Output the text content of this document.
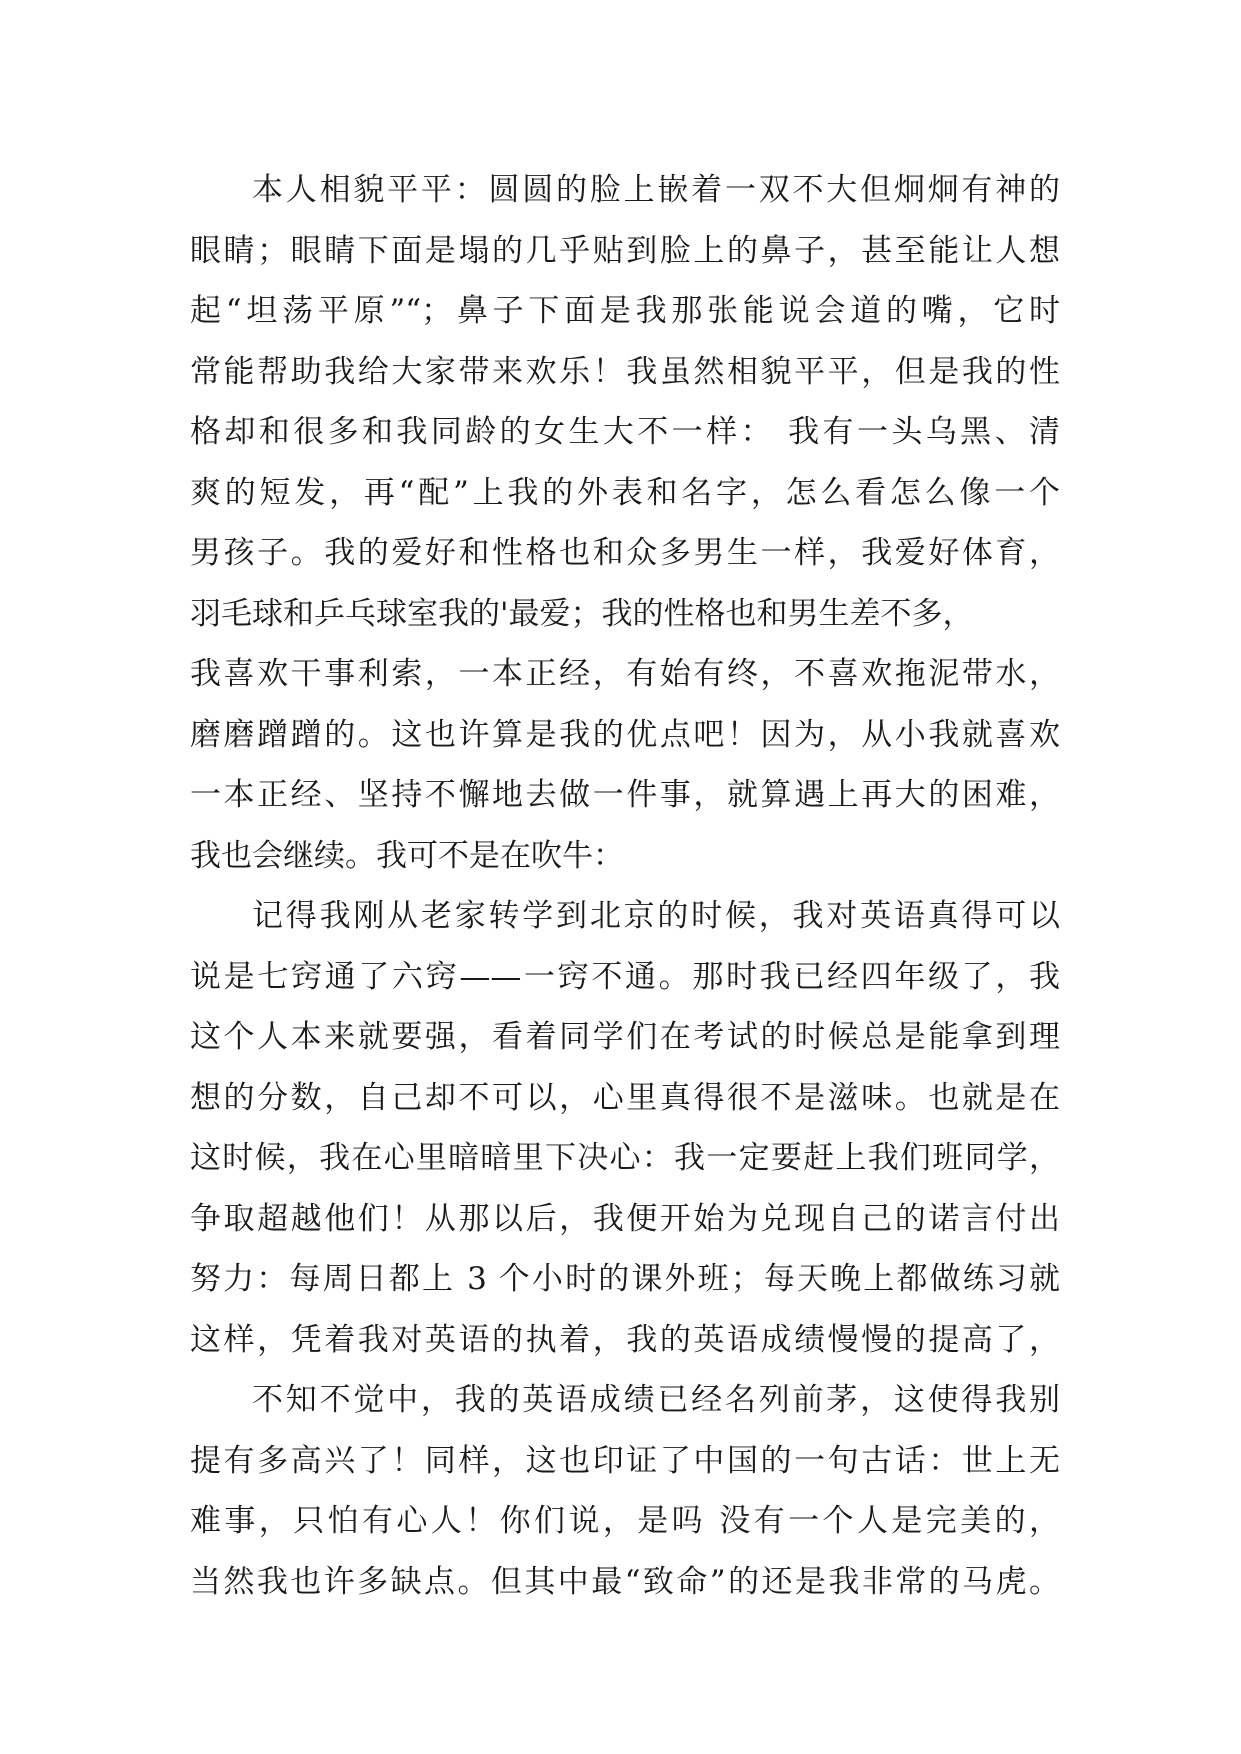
本人相貌平平：圆圆的脸上嵌着一双不大但炯炯有神的
眼睛；眼睛下面是塌的几乎贴到脸上的鼻子，甚至能让人想
起“坦荡平原”“；鼻子下面是我那张能说会道的嘴，它时
常能帮助我给大家带来欢乐！我虽然相貌平平，但是我的性
格却和很多和我同龄的女生大不一样： 我有一头乌黑、清
爽的短发，再“配”上我的外表和名字，怎么看怎么像一个
男孩子。我的爱好和性格也和众多男生一样，我爱好体育，
羽毛球和乒乓球室我的'最爱；我的性格也和男生差不多，
我喜欢干事利索，一本正经，有始有终，不喜欢拖泥带水，
磨磨蹭蹭的。这也许算是我的优点吧！因为，从小我就喜欢
一本正经、坚持不懈地去做一件事，就算遇上再大的困难，
我也会继续。我可不是在吹牛：
记得我刚从老家转学到北京的时候，我对英语真得可以
说是七窍通了六窍——一窍不通。那时我已经四年级了，我
这个人本来就要强，看着同学们在考试的时候总是能拿到理
想的分数，自己却不可以，心里真得很不是滋味。也就是在
这时候，我在心里暗暗里下决心：我一定要赶上我们班同学，
争取超越他们！从那以后，我便开始为兑现自己的诺言付出
努力：每周日都上 3 个小时的课外班；每天晚上都做练习就
这样，凭着我对英语的执着，我的英语成绩慢慢的提高了，
不知不觉中，我的英语成绩已经名列前茅，这使得我别
提有多高兴了！同样，这也印证了中国的一句古话：世上无
难事，只怕有心人！你们说，是吗 没有一个人是完美的，
当然我也许多缺点。但其中最“致命”的还是我非常的马虎。
